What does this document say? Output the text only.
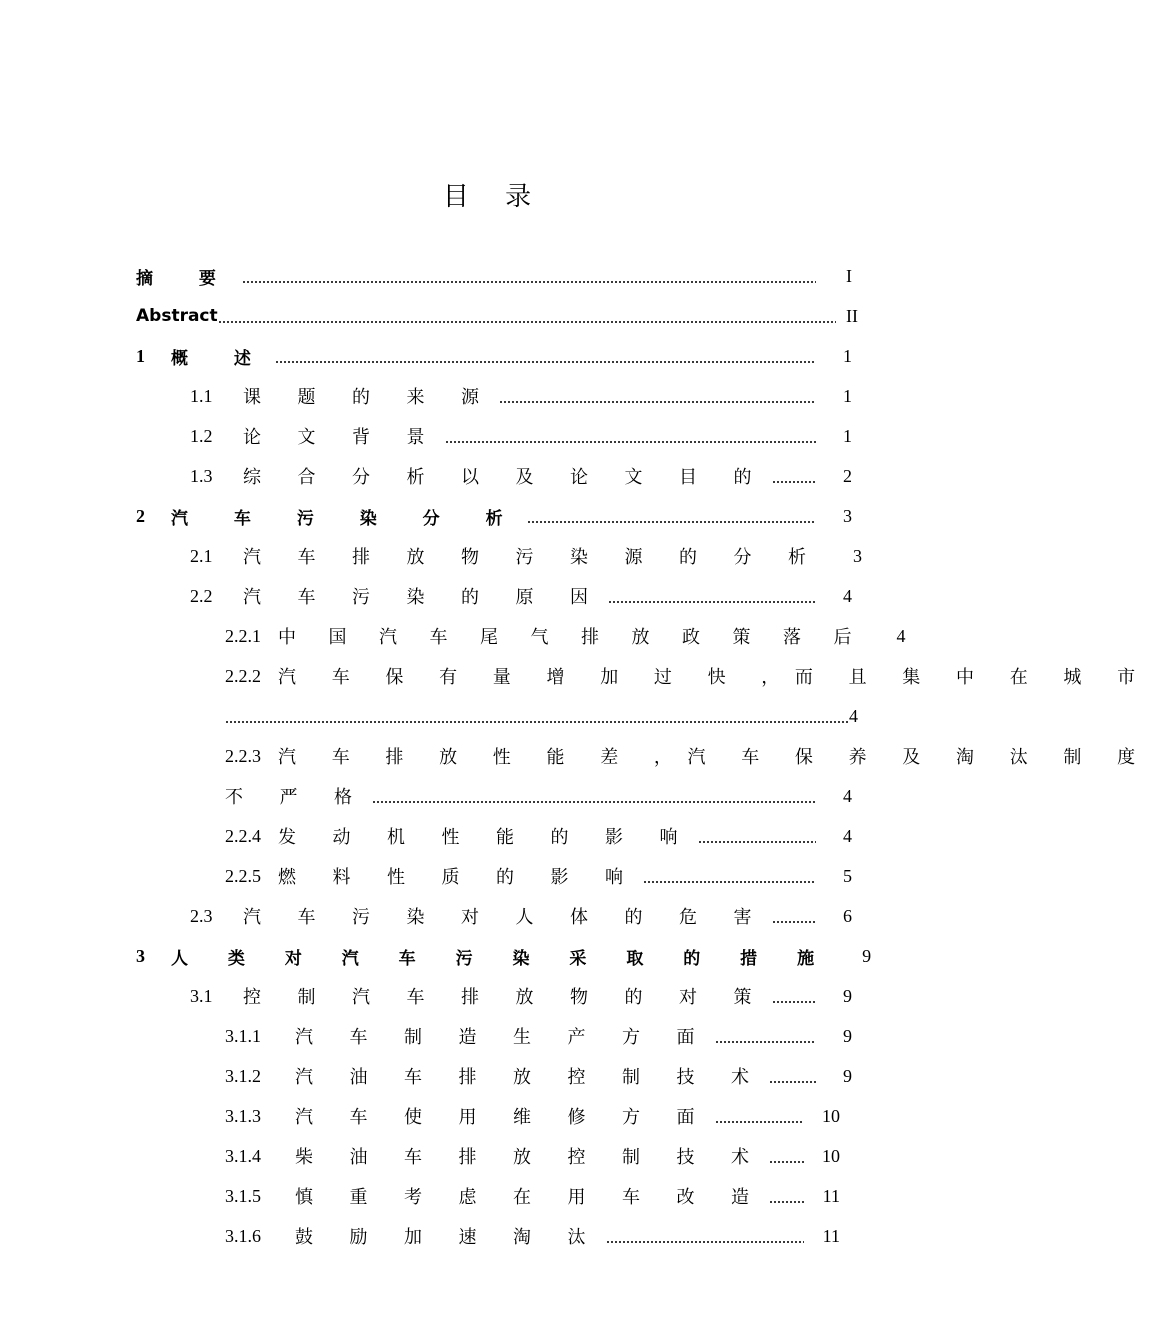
目 录
摘 要	I
Abstract	II
1	概 述	1
1.1	课 题 的 来 源	1
1.2	论 文 背 景	1
1.3	综 合 分 析 以 及 论 文 目 的	2
2	汽 车 污 染 分 析	3
2.1	汽 车 排 放 物 污 染 源 的 分 析	3
2.2	汽 车 污 染 的 原 因	4
2.2.1 中 国 汽 车 尾 气 排 放 政 策 落 后	4
2.2.2 汽 车 保 有 量 增 加 过 快 ，而 且 集 中 在 城 市
4
2.2.3 汽 车 排 放 性 能 差 ，汽 车 保 养 及 淘 汰 制 度
不 严 格	4
2.2.4 发 动 机 性 能 的 影 响	4
2.2.5 燃 料 性 质 的 影 响	5
2.3	汽 车 污 染 对 人 体 的 危 害	6
3	人 类 对 汽 车 污 染 采 取 的 措 施	9
3.1	控 制 汽 车 排 放 物 的 对 策	9
3.1.1	汽 车 制 造 生 产 方 面	9
3.1.2	汽 油 车 排 放 控 制 技 术	9
3.1.3	汽 车 使 用 维 修 方 面	10
3.1.4	柴 油 车 排 放 控 制 技 术	10
3.1.5	慎 重 考 虑 在 用 车 改 造	11
3.1.6	鼓 励 加 速 淘 汰	11
